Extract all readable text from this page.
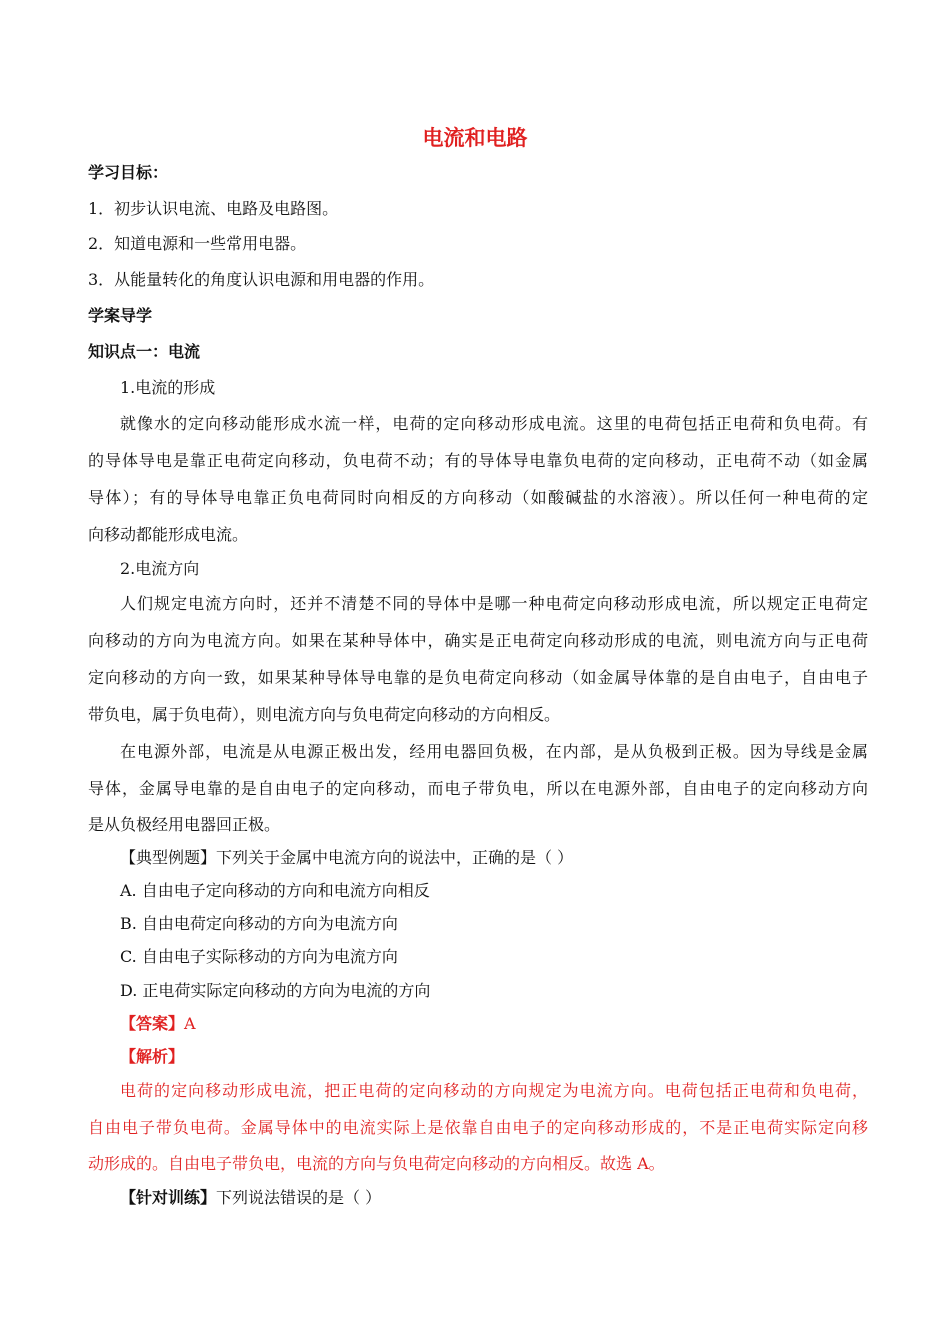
电流和电路
学习目标：
1．初步认识电流、电路及电路图。
2．知道电源和一些常用电器。
3．从能量转化的角度认识电源和用电器的作用。
学案导学
知识点一：电流
1.电流的形成
就像水的定向移动能形成水流一样，电荷的定向移动形成电流。这里的电荷包括正电荷和负电荷。有
的导体导电是靠正电荷定向移动，负电荷不动；有的导体导电靠负电荷的定向移动，正电荷不动（如金属
导体）；有的导体导电靠正负电荷同时向相反的方向移动（如酸碱盐的水溶液）。所以任何一种电荷的定
向移动都能形成电流。
2.电流方向
人们规定电流方向时，还并不清楚不同的导体中是哪一种电荷定向移动形成电流，所以规定正电荷定
向移动的方向为电流方向。如果在某种导体中，确实是正电荷定向移动形成的电流，则电流方向与正电荷
定向移动的方向一致，如果某种导体导电靠的是负电荷定向移动（如金属导体靠的是自由电子，自由电子
带负电，属于负电荷），则电流方向与负电荷定向移动的方向相反。
在电源外部，电流是从电源正极出发，经用电器回负极，在内部，是从负极到正极。因为导线是金属
导体，金属导电靠的是自由电子的定向移动，而电子带负电，所以在电源外部，自由电子的定向移动方向
是从负极经用电器回正极。
【典型例题】下列关于金属中电流方向的说法中，正确的是（ ）
A. 自由电子定向移动的方向和电流方向相反
B. 自由电荷定向移动的方向为电流方向
C. 自由电子实际移动的方向为电流方向
D. 正电荷实际定向移动的方向为电流的方向
【答案】A
【解析】
电荷的定向移动形成电流，把正电荷的定向移动的方向规定为电流方向。电荷包括正电荷和负电荷，
自由电子带负电荷。金属导体中的电流实际上是依靠自由电子的定向移动形成的，不是正电荷实际定向移
动形成的。自由电子带负电，电流的方向与负电荷定向移动的方向相反。故选 A。
【针对训练】下列说法错误的是（ ）
